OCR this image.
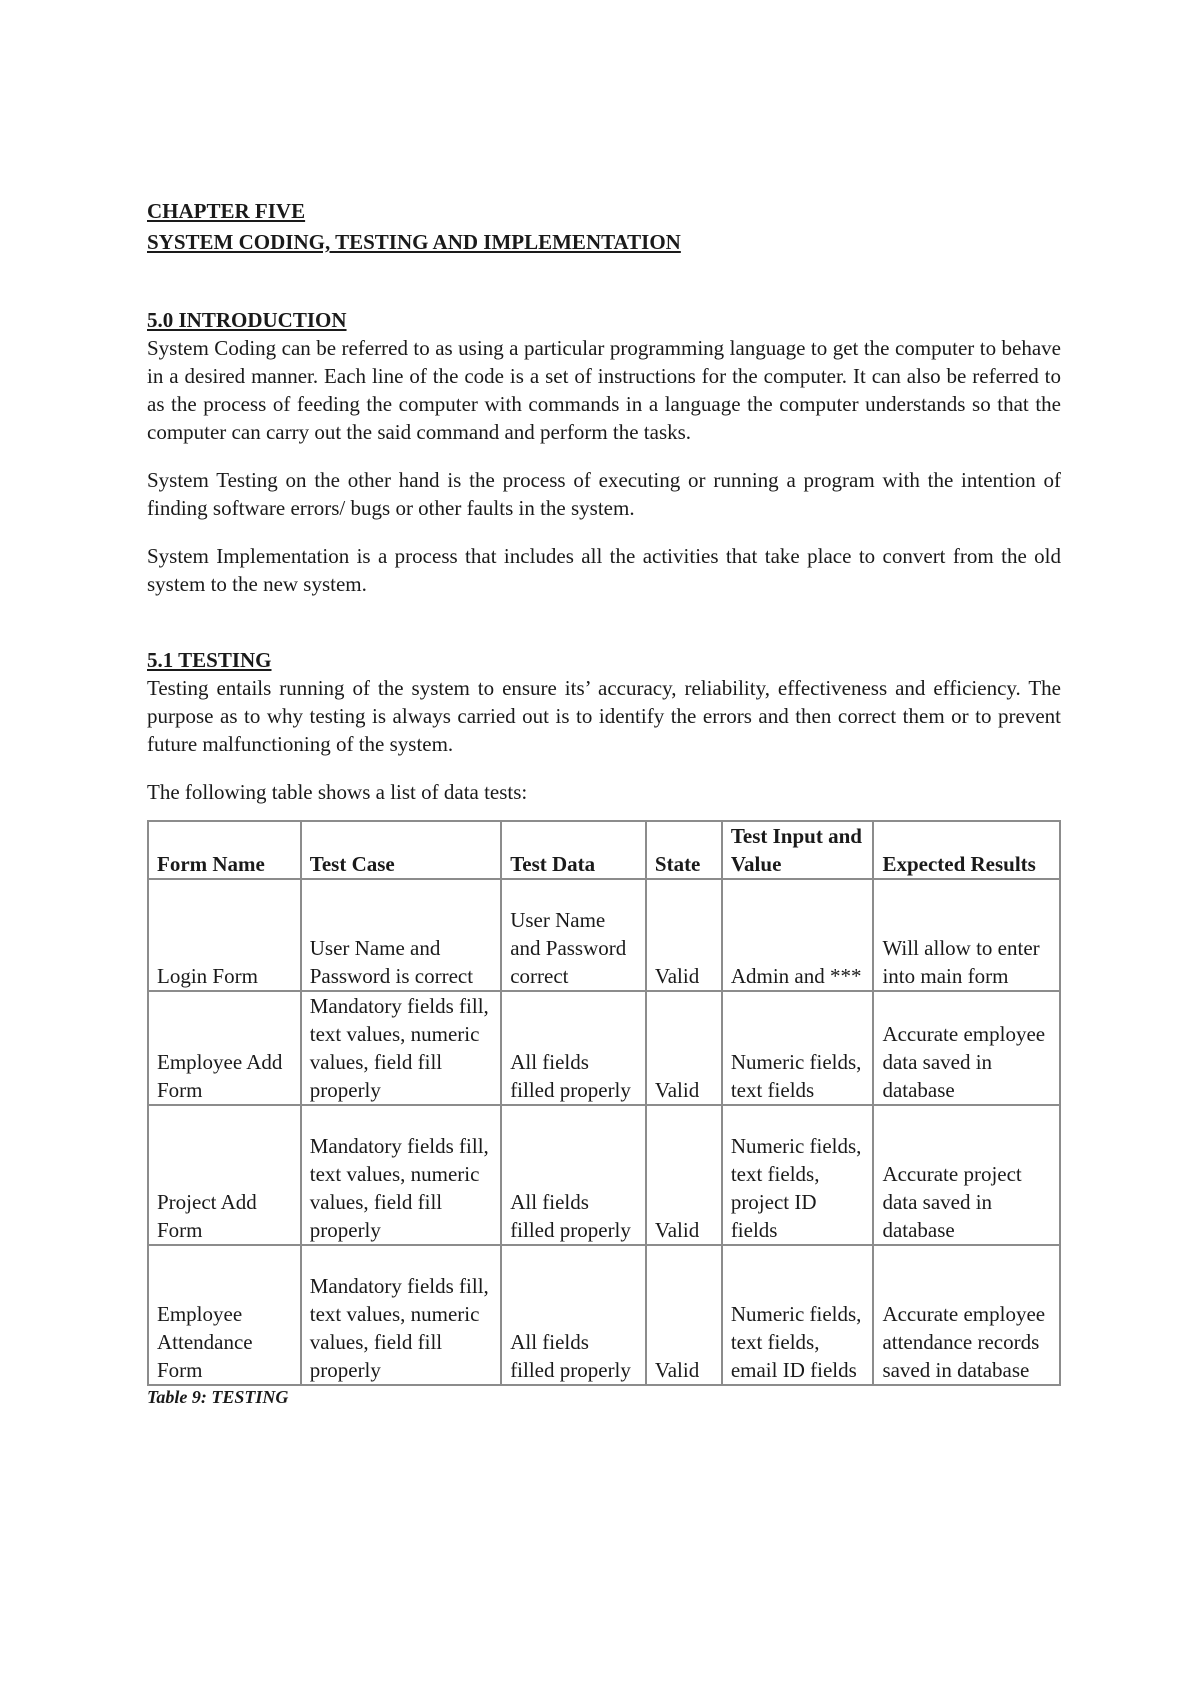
CHAPTER FIVE
SYSTEM CODING, TESTING AND IMPLEMENTATION
5.0 INTRODUCTION

System Coding can be referred to as using a particular programming language to get the computer to behave in a desired manner. Each line of the code is a set of instructions for the computer. It can also be referred to as the process of feeding the computer with commands in a language the computer understands so that the computer can carry out the said command and perform the tasks.

System Testing on the other hand is the process of executing or running a program with the intention of finding software errors/ bugs or other faults in the system.

System Implementation is a process that includes all the activities that take place to convert from the old system to the new system.

5.1 TESTING

Testing entails running of the system to ensure its’ accuracy, reliability, effectiveness and efficiency. The purpose as to why testing is always carried out is to identify the errors and then correct them or to prevent future malfunctioning of the system.

The following table shows a list of data tests:

Form Name	Test Case	Test Data	State	Test Input and Value	Expected Results
Login Form	User Name and Password is correct	User Name and Password correct	Valid	Admin and ***	Will allow to enter into main form
Employee Add Form	Mandatory fields fill, text values, numeric values, field fill properly	All fields filled properly	Valid	Numeric fields, text fields	Accurate employee data saved in database
Project Add Form	Mandatory fields fill, text values, numeric values, field fill properly	All fields filled properly	Valid	Numeric fields, text fields, project ID fields	Accurate project data saved in database
Employee Attendance Form	Mandatory fields fill, text values, numeric values, field fill properly	All fields filled properly	Valid	Numeric fields, text fields, email ID fields	Accurate employee attendance records saved in database
Table 9: TESTING
